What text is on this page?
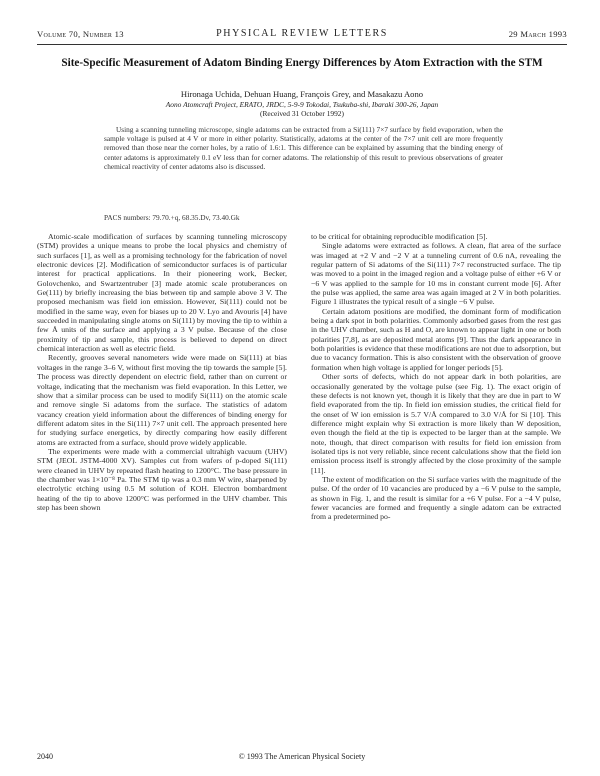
Volume 70, Number 13	PHYSICAL REVIEW LETTERS	29 March 1993
Site-Specific Measurement of Adatom Binding Energy Differences by Atom Extraction with the STM
Hironaga Uchida, Dehuan Huang, François Grey, and Masakazu Aono
Aono Atomcraft Project, ERATO, JRDC, 5-9-9 Tokodai, Tsukuba-shi, Ibaraki 300-26, Japan
(Received 31 October 1992)
Using a scanning tunneling microscope, single adatoms can be extracted from a Si(111) 7×7 surface by field evaporation, when the sample voltage is pulsed at 4 V or more in either polarity. Statistically, adatoms at the center of the 7×7 unit cell are more frequently removed than those near the corner holes, by a ratio of 1.6:1. This difference can be explained by assuming that the binding energy of center adatoms is approximately 0.1 eV less than for corner adatoms. The relationship of this result to previous observations of greater chemical reactivity of center adatoms also is discussed.
PACS numbers: 79.70.+q, 68.35.Dv, 73.40.Gk

Atomic-scale modification of surfaces by scanning tunneling microscopy (STM) provides a unique means to probe the local physics and chemistry of such surfaces [1], as well as a promising technology for the fabrication of novel electronic devices [2]. Modification of semiconductor surfaces is of particular interest for practical applications. In their pioneering work, Becker, Golovchenko, and Swartzentruber [3] made atomic scale protuberances on Ge(111) by briefly increasing the bias between tip and sample above 3 V. The proposed mechanism was field ion emission. However, Si(111) could not be modified in the same way, even for biases up to 20 V. Lyo and Avouris [4] have succeeded in manipulating single atoms on Si(111) by moving the tip to within a few Å units of the surface and applying a 3 V pulse. Because of the close proximity of tip and sample, this process is believed to depend on direct chemical interaction as well as electric field.

Recently, grooves several nanometers wide were made on Si(111) at bias voltages in the range 3–6 V, without first moving the tip towards the sample [5]. The process was directly dependent on electric field, rather than on current or voltage, indicating that the mechanism was field evaporation. In this Letter, we show that a similar process can be used to modify Si(111) on the atomic scale and remove single Si adatoms from the surface. The statistics of adatom vacancy creation yield information about the differences of binding energy for different adatom sites in the Si(111) 7×7 unit cell. The approach presented here for studying surface energetics, by directly comparing how easily different atoms are extracted from a surface, should prove widely applicable.

The experiments were made with a commercial ultrahigh vacuum (UHV) STM (JEOL JSTM-4000 XV). Samples cut from wafers of p-doped Si(111) were cleaned in UHV by repeated flash heating to 1200°C. The base pressure in the chamber was 1×10⁻⁸ Pa. The STM tip was a 0.3 mm W wire, sharpened by electrolytic etching using 0.5 M solution of KOH. Electron bombardment heating of the tip to above 1200°C was performed in the UHV chamber. This step has been shown

to be critical for obtaining reproducible modification [5].

Single adatoms were extracted as follows. A clean, flat area of the surface was imaged at +2 V and −2 V at a tunneling current of 0.6 nA, revealing the regular pattern of Si adatoms of the Si(111) 7×7 reconstructed surface. The tip was moved to a point in the imaged region and a voltage pulse of either +6 V or −6 V was applied to the sample for 10 ms in constant current mode [6]. After the pulse was applied, the same area was again imaged at 2 V in both polarities. Figure 1 illustrates the typical result of a single −6 V pulse.

Certain adatom positions are modified, the dominant form of modification being a dark spot in both polarities. Commonly adsorbed gases from the rest gas in the UHV chamber, such as H and O, are known to appear light in one or both polarities [7,8], as are deposited metal atoms [9]. Thus the dark appearance in both polarities is evidence that these modifications are not due to adsorption, but due to vacancy formation. This is also consistent with the observation of groove formation when high voltage is applied for longer periods [5].

Other sorts of defects, which do not appear dark in both polarities, are occasionally generated by the voltage pulse (see Fig. 1). The exact origin of these defects is not known yet, though it is likely that they are due in part to W field evaporated from the tip. In field ion emission studies, the critical field for the onset of W ion emission is 5.7 V/Å compared to 3.0 V/Å for Si [10]. This difference might explain why Si extraction is more likely than W deposition, even though the field at the tip is expected to be larger than at the sample. We note, though, that direct comparison with results for field ion emission from isolated tips is not very reliable, since recent calculations show that the field ion emission process itself is strongly affected by the close proximity of the sample [11].

The extent of modification on the Si surface varies with the magnitude of the pulse. Of the order of 10 vacancies are produced by a −6 V pulse to the sample, as shown in Fig. 1, and the result is similar for a +6 V pulse. For a −4 V pulse, fewer vacancies are formed and frequently a single adatom can be extracted from a predetermined po-

2040	© 1993 The American Physical Society
